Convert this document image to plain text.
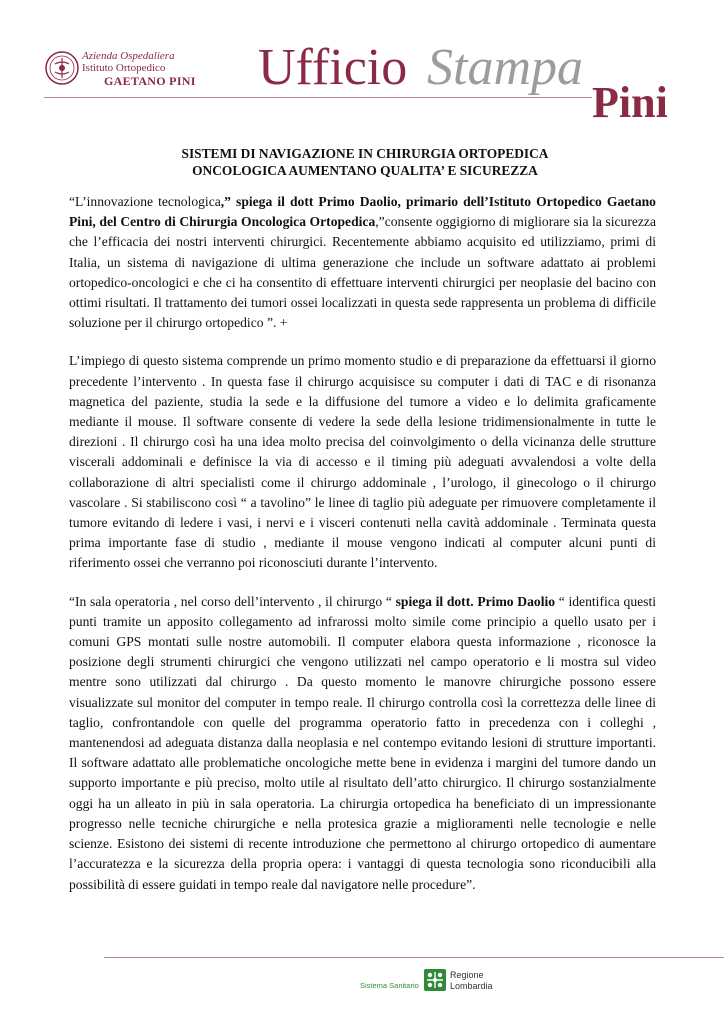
Azienda Ospedaliera
Istituto Ortopedico
GAETANO PINI Ufficio Stampa
Pini
SISTEMI DI NAVIGAZIONE IN CHIRURGIA ORTOPEDICA
ONCOLOGICA AUMENTANO QUALITA’ E SICUREZZA

“L’innovazione tecnologica,” spiega il dott Primo Daolio, primario dell’Istituto Ortopedico Gaetano Pini, del Centro di Chirurgia Oncologica Ortopedica,”consente oggigiorno di migliorare sia la sicurezza che l’efficacia dei nostri interventi chirurgici. Recentemente abbiamo acquisito ed utilizziamo, primi di Italia, un sistema di navigazione di ultima generazione che include un software adattato ai problemi ortopedico-oncologici e che ci ha consentito di effettuare interventi chirurgici per neoplasie del bacino con ottimi risultati. Il trattamento dei tumori ossei localizzati in questa sede rappresenta un problema di difficile soluzione per il chirurgo ortopedico ”. +

L’impiego di questo sistema comprende un primo momento studio e di preparazione da effettuarsi il giorno precedente l’intervento . In questa fase il chirurgo acquisisce su computer i dati di TAC e di risonanza magnetica del paziente, studia la sede e la diffusione del tumore a video e lo delimita graficamente mediante il mouse. Il software consente di vedere la sede della lesione tridimensionalmente in tutte le direzioni . Il chirurgo così ha una idea molto precisa del coinvolgimento o della vicinanza delle strutture viscerali addominali e definisce la via di accesso e il timing più adeguati avvalendosi a volte della collaborazione di altri specialisti come il chirurgo addominale , l’urologo, il ginecologo o il chirurgo vascolare . Si stabiliscono così “ a tavolino” le linee di taglio più adeguate per rimuovere completamente il tumore evitando di ledere i vasi, i nervi e i visceri contenuti nella cavità addominale . Terminata questa prima importante fase di studio , mediante il mouse vengono indicati al computer alcuni punti di riferimento ossei che verranno poi riconosciuti durante l’intervento.

“In sala operatoria , nel corso dell’intervento , il chirurgo “ spiega il dott. Primo Daolio “ identifica questi punti tramite un apposito collegamento ad infrarossi molto simile come principio a quello usato per i comuni GPS montati sulle nostre automobili. Il computer elabora questa informazione , riconosce la posizione degli strumenti chirurgici che vengono utilizzati nel campo operatorio e li mostra sul video mentre sono utilizzati dal chirurgo . Da questo momento le manovre chirurgiche possono essere visualizzate sul monitor del computer in tempo reale. Il chirurgo controlla così la correttezza delle linee di taglio, confrontandole con quelle del programma operatorio fatto in precedenza con i colleghi , mantenendosi ad adeguata distanza dalla neoplasia e nel contempo evitando lesioni di strutture importanti. Il software adattato alle problematiche oncologiche mette bene in evidenza i margini del tumore dando un supporto importante e più preciso, molto utile al risultato dell’atto chirurgico. Il chirurgo sostanzialmente oggi ha un alleato in più in sala operatoria. La chirurgia ortopedica ha beneficiato di un impressionante progresso nelle tecniche chirurgiche e nella protesica grazie a miglioramenti nelle tecnologie e nelle scienze. Esistono dei sistemi di recente introduzione che permettono al chirurgo ortopedico di aumentare l’accuratezza e la sicurezza della propria opera: i vantaggi di questa tecnologia sono riconducibili alla possibilità di essere guidati in tempo reale dal navigatore nelle procedure”.

Sistema Sanitario
Regione
Lombardia
